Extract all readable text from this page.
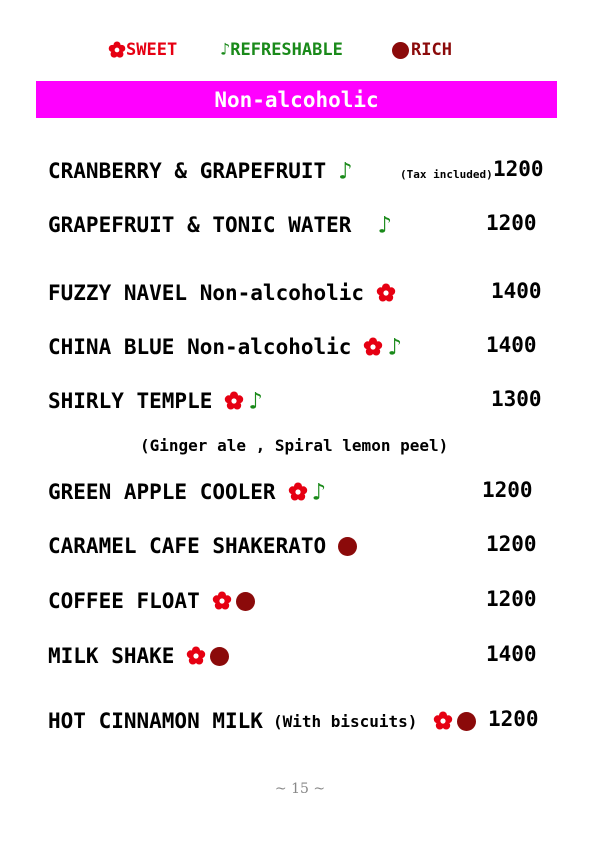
SWEET	♪ REFRESHABLE	RICH
Non-alcoholic
CRANBERRY & GRAPEFRUIT ♪	1200
GRAPEFRUIT & TONIC WATER ♪	1200
FUZZY NAVEL Non-alcoholic	1400
CHINA BLUE Non-alcoholic ♪	1400
SHIRLY TEMPLE ♪	1300
GREEN APPLE COOLER ♪	1200
CARAMEL CAFE SHAKERATO	1200
COFFEE FLOAT	1200
MILK SHAKE	1400
HOT CINNAMON MILK (With biscuits)	1200
(Tax included)
(Ginger ale , Spiral lemon peel)
~ 15 ~
